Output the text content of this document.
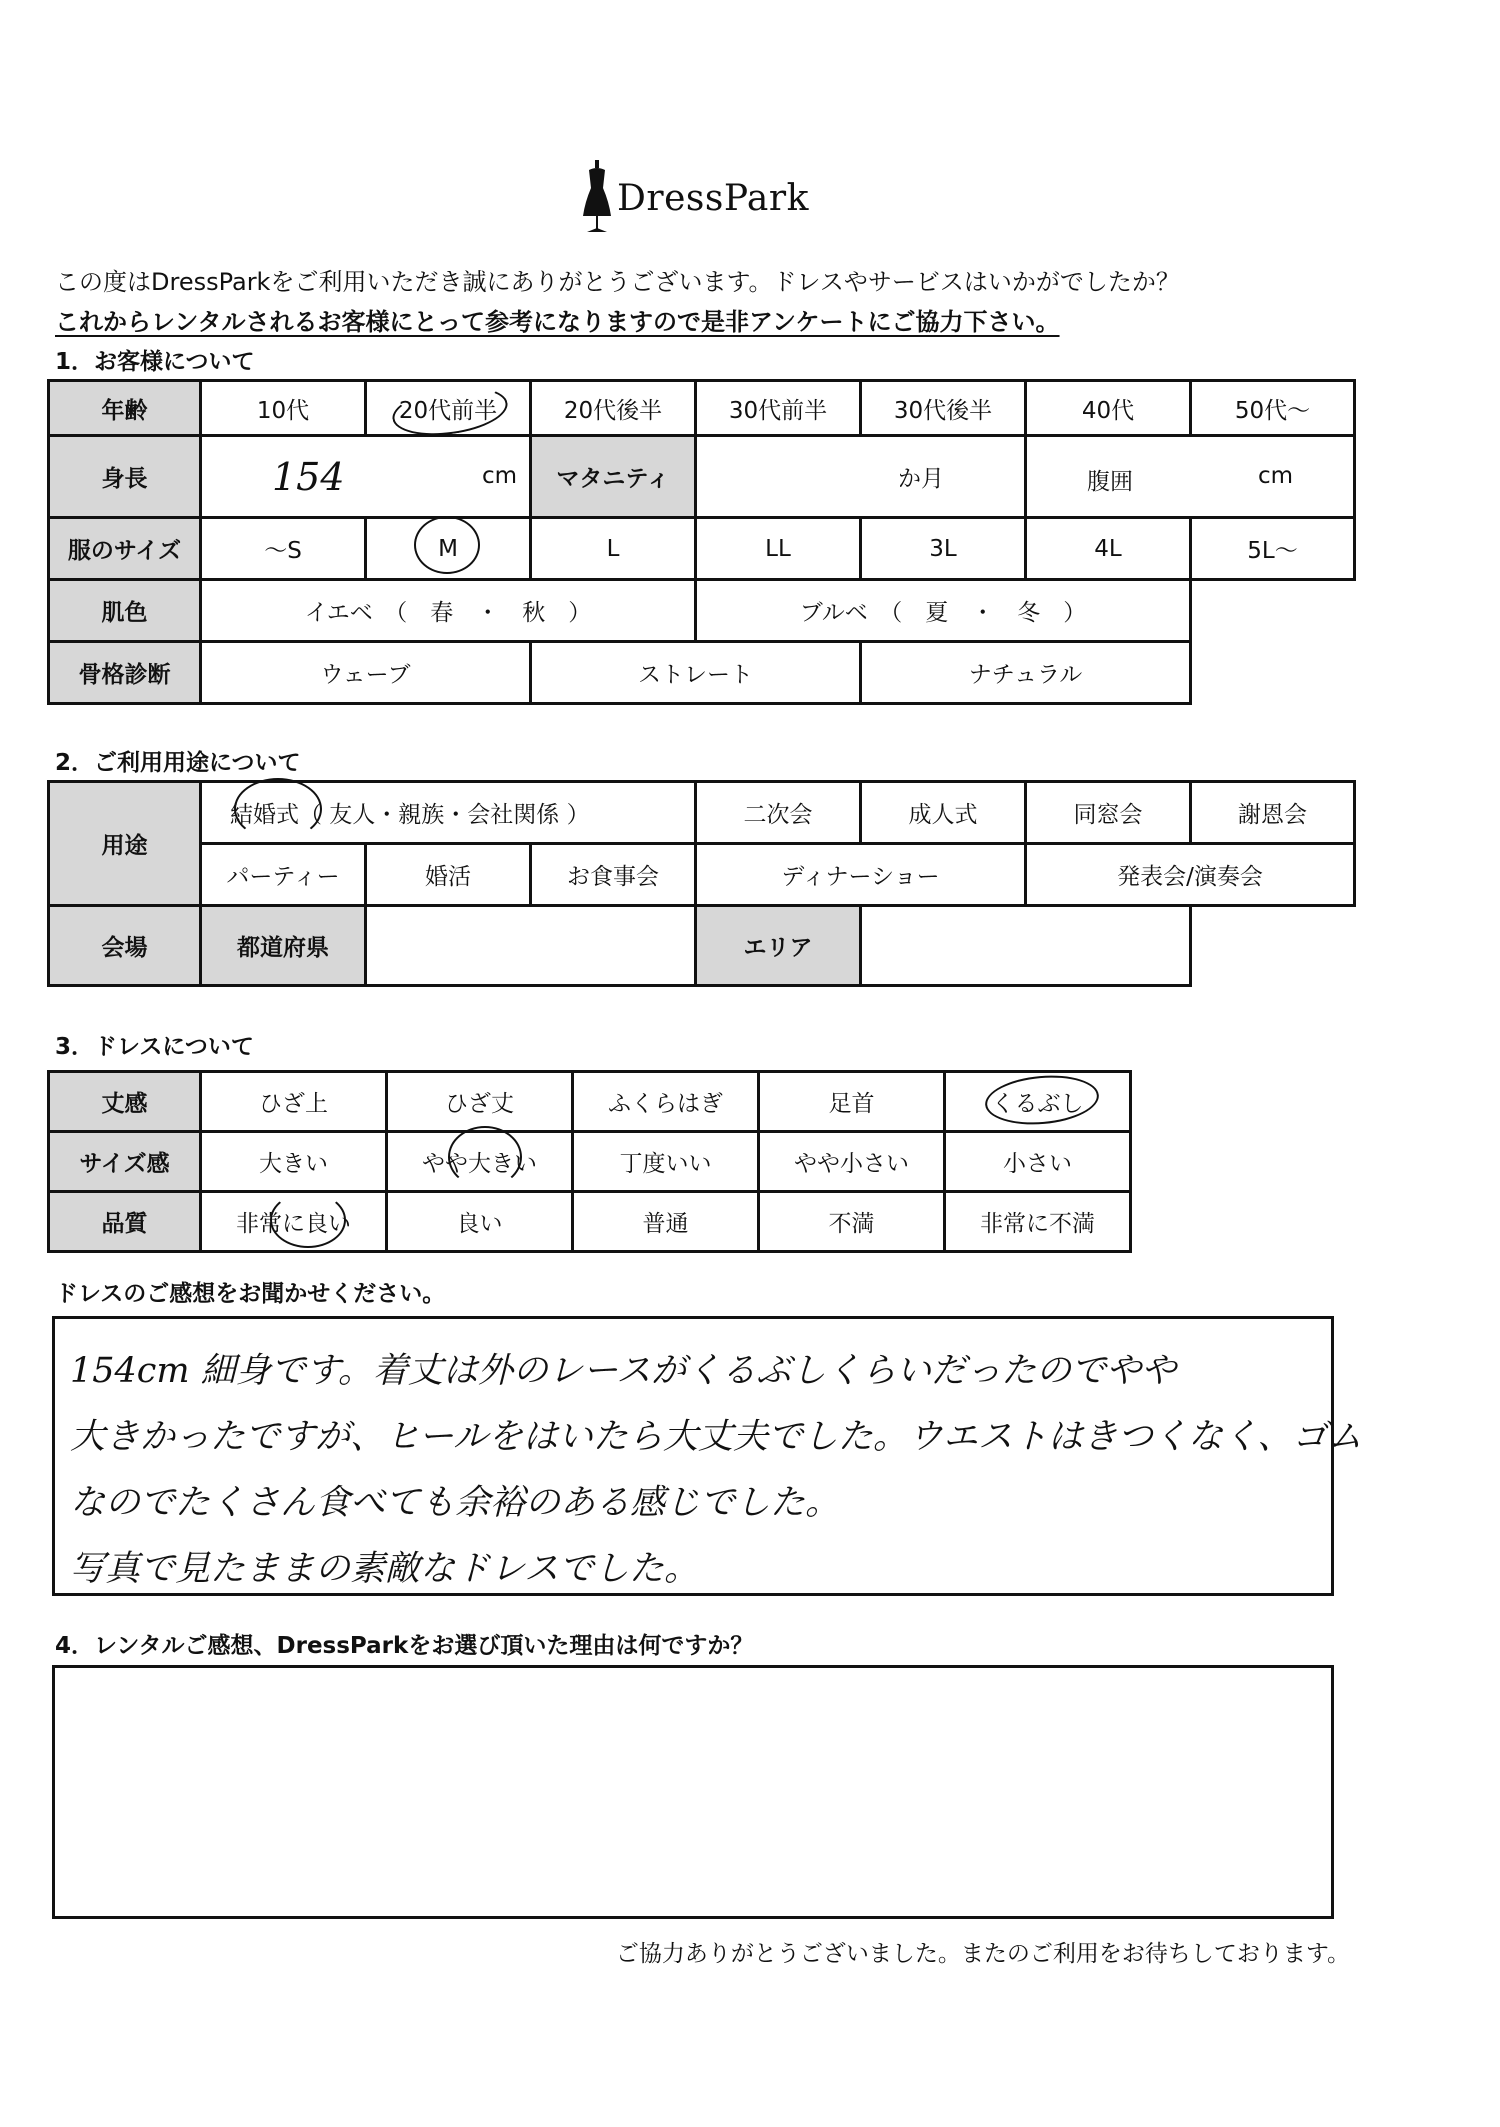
DressPark
この度はDressParkをご利用いただき誠にありがとうございます。ドレスやサービスはいかがでしたか？
これからレンタルされるお客様にとって参考になりますので是非アンケートにご協力下さい。
1．お客様について
年齢	10代	20代前半	20代後半	30代前半	30代後半	40代	50代～
身長	154 cm		マタニティ	か月		腹囲 cm	

服のサイズ	～S	M	L	LL	3L	4L	5L～
肌色	イエベ　（　春　・　秋　）			ブルベ　（　夏　・　冬　）			
骨格診断	ウェーブ		ストレート		ナチュラル		
2．ご利用用途について
用途	結婚式（ 友人・親族・会社関係 ）			二次会	成人式	同窓会	謝恩会
	パーティー	婚活	お食事会	ディナーショー		発表会/演奏会	
会場	都道府県			エリア			
3．ドレスについて
丈感	ひざ上	ひざ丈	ふくらはぎ	足首	くるぶし
サイズ感	大きい	やや大きい	丁度いい	やや小さい	小さい
品質	非常に良い	良い	普通	不満	非常に不満
ドレスのご感想をお聞かせください。
154cm 細身です。着丈は外のレースがくるぶしくらいだったのでやや
大きかったですが、ヒールをはいたら大丈夫でした。ウエストはきつくなく、ゴム
なのでたくさん食べても余裕のある感じでした。
写真で見たままの素敵なドレスでした。
4．レンタルご感想、DressParkをお選び頂いた理由は何ですか？
ご協力ありがとうございました。またのご利用をお待ちしております。
